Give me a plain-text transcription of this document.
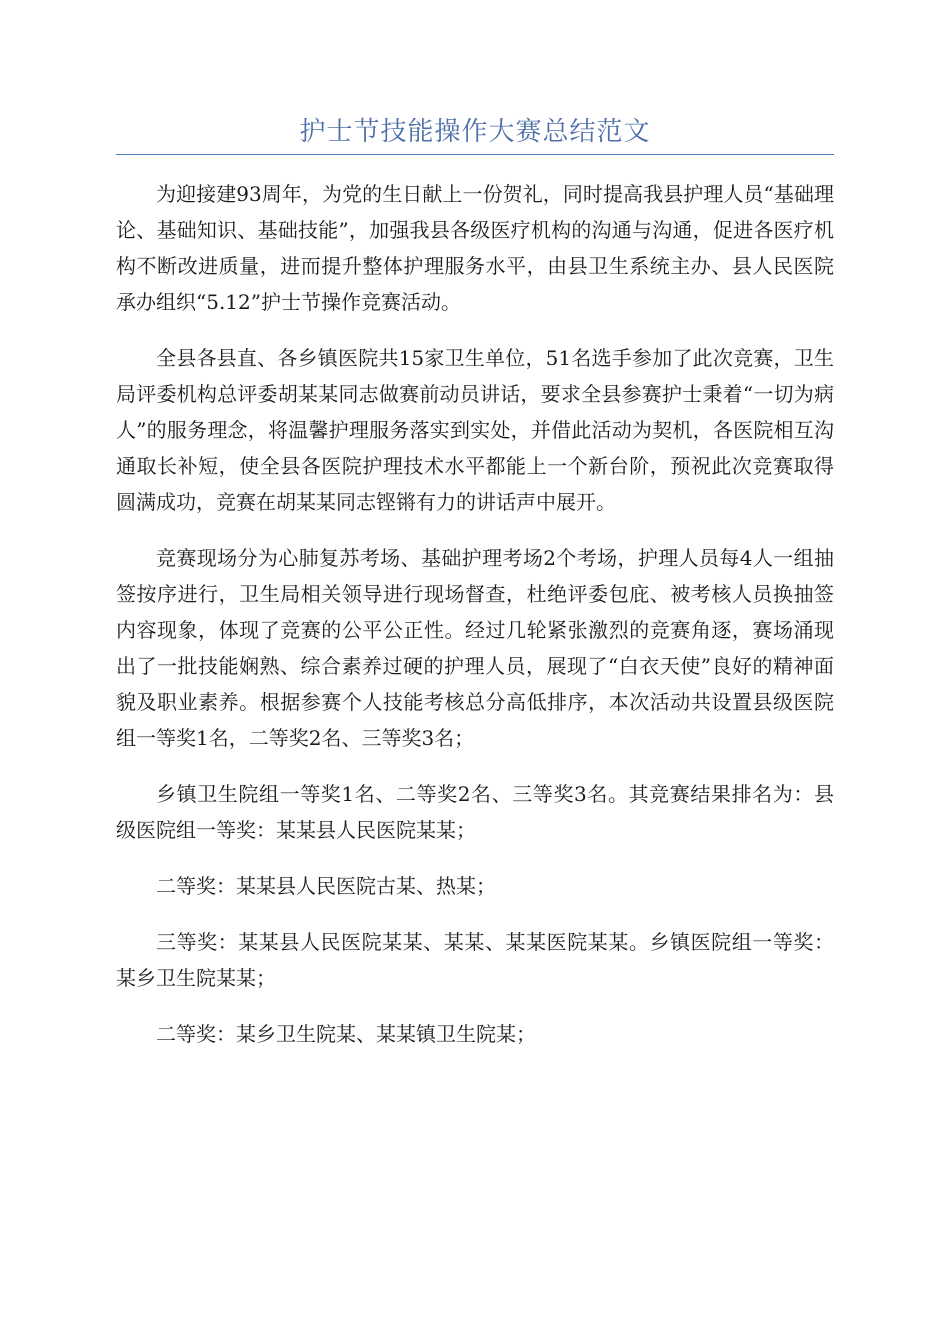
护士节技能操作大赛总结范文

为迎接建93周年，为党的生日献上一份贺礼，同时提高我县护理人员“基础理论、基础知识、基础技能”，加强我县各级医疗机构的沟通与沟通，促进各医疗机构不断改进质量，进而提升整体护理服务水平，由县卫生系统主办、县人民医院承办组织“5.12”护士节操作竞赛活动。

全县各县直、各乡镇医院共15家卫生单位，51名选手参加了此次竞赛，卫生局评委机构总评委胡某某同志做赛前动员讲话，要求全县参赛护士秉着“一切为病人”的服务理念，将温馨护理服务落实到实处，并借此活动为契机，各医院相互沟通取长补短，使全县各医院护理技术水平都能上一个新台阶，预祝此次竞赛取得圆满成功，竞赛在胡某某同志铿锵有力的讲话声中展开。

竞赛现场分为心肺复苏考场、基础护理考场2个考场，护理人员每4人一组抽签按序进行，卫生局相关领导进行现场督查，杜绝评委包庇、被考核人员换抽签内容现象，体现了竞赛的公平公正性。经过几轮紧张激烈的竞赛角逐，赛场涌现出了一批技能娴熟、综合素养过硬的护理人员，展现了“白衣天使”良好的精神面貌及职业素养。根据参赛个人技能考核总分高低排序，本次活动共设置县级医院组一等奖1名，二等奖2名、三等奖3名；

乡镇卫生院组一等奖1名、二等奖2名、三等奖3名。其竞赛结果排名为：县级医院组一等奖：某某县人民医院某某；

二等奖：某某县人民医院古某、热某；

三等奖：某某县人民医院某某、某某、某某医院某某。乡镇医院组一等奖：某乡卫生院某某；

二等奖：某乡卫生院某、某某镇卫生院某；
